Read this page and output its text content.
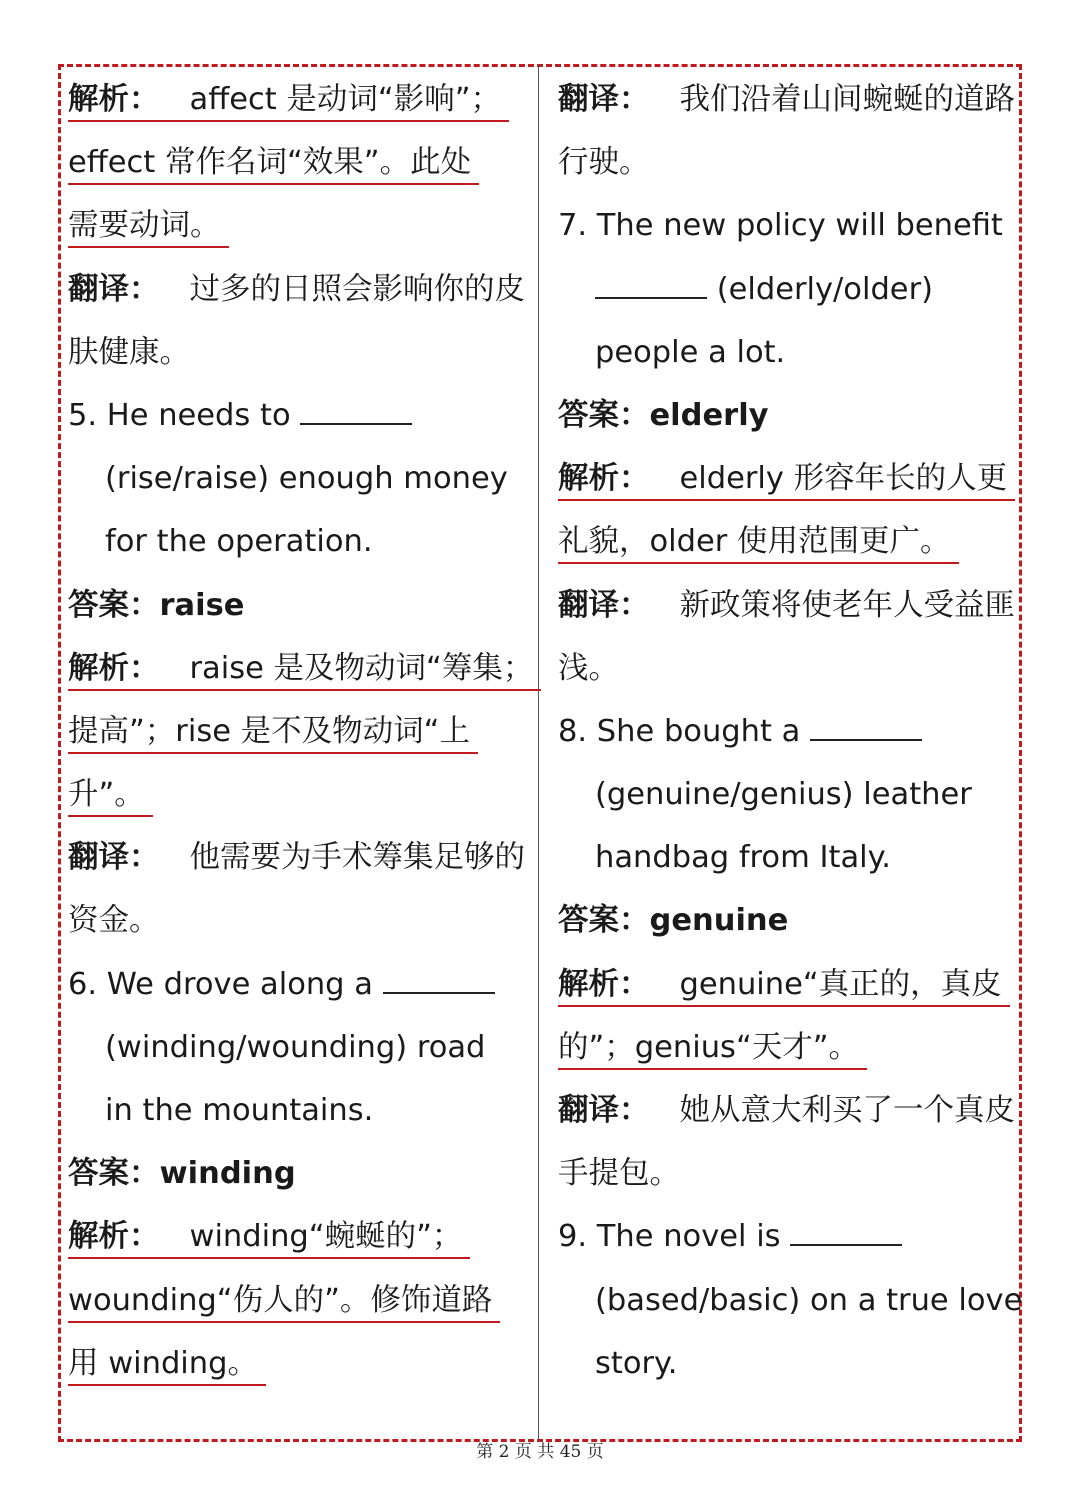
解析： affect 是动词“影响”；
effect 常作名词“效果”。此处
需要动词。
翻译： 过多的日照会影响你的皮
肤健康。
5. He needs to
(rise/raise) enough money
for the operation.
答案：raise
解析： raise 是及物动词“筹集；
提高”；rise 是不及物动词“上
升”。
翻译： 他需要为手术筹集足够的
资金。
6. We drove along a
(winding/wounding) road
in the mountains.
答案：winding
解析： winding“蜿蜒的”；
wounding“伤人的”。修饰道路
用 winding。
翻译： 我们沿着山间蜿蜒的道路
行驶。
7. The new policy will benefit
(elderly/older)
people a lot.
答案：elderly
解析： elderly 形容年长的人更
礼貌，older 使用范围更广。
翻译： 新政策将使老年人受益匪
浅。
8. She bought a
(genuine/genius) leather
handbag from Italy.
答案：genuine
解析： genuine“真正的，真皮
的”；genius“天才”。
翻译： 她从意大利买了一个真皮
手提包。
9. The novel is
(based/basic) on a true love
story.
第 2 页 共 45 页
